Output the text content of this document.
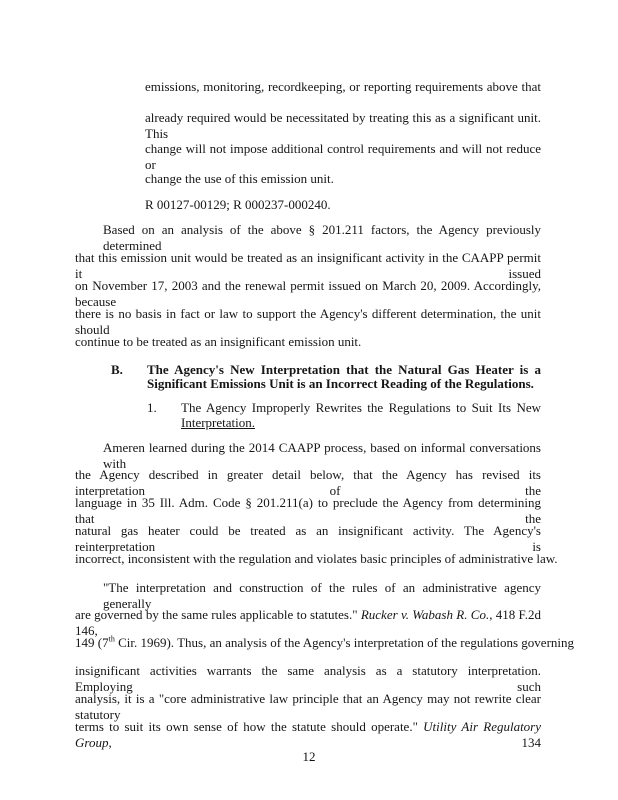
emissions, monitoring, recordkeeping, or reporting requirements above that
already required would be necessitated by treating this as a significant unit. This
change will not impose additional control requirements and will not reduce or
change the use of this emission unit.
R 00127-00129; R 000237-000240.
Based on an analysis of the above § 201.211 factors, the Agency previously determined
that this emission unit would be treated as an insignificant activity in the CAAPP permit it issued
on November 17, 2003 and the renewal permit issued on March 20, 2009. Accordingly, because
there is no basis in fact or law to support the Agency's different determination, the unit should
continue to be treated as an insignificant emission unit.
B. The Agency's New Interpretation that the Natural Gas Heater is a
Significant Emissions Unit is an Incorrect Reading of the Regulations.
1. The Agency Improperly Rewrites the Regulations to Suit Its New
Interpretation.
Ameren learned during the 2014 CAAPP process, based on informal conversations with
the Agency described in greater detail below, that the Agency has revised its interpretation of the
language in 35 Ill. Adm. Code § 201.211(a) to preclude the Agency from determining that the
natural gas heater could be treated as an insignificant activity. The Agency's reinterpretation is
incorrect, inconsistent with the regulation and violates basic principles of administrative law.
"The interpretation and construction of the rules of an administrative agency generally
are governed by the same rules applicable to statutes." Rucker v. Wabash R. Co., 418 F.2d 146,
149 (7th Cir. 1969). Thus, an analysis of the Agency's interpretation of the regulations governing
insignificant activities warrants the same analysis as a statutory interpretation. Employing such
analysis, it is a "core administrative law principle that an Agency may not rewrite clear statutory
terms to suit its own sense of how the statute should operate." Utility Air Regulatory Group, 134
12
